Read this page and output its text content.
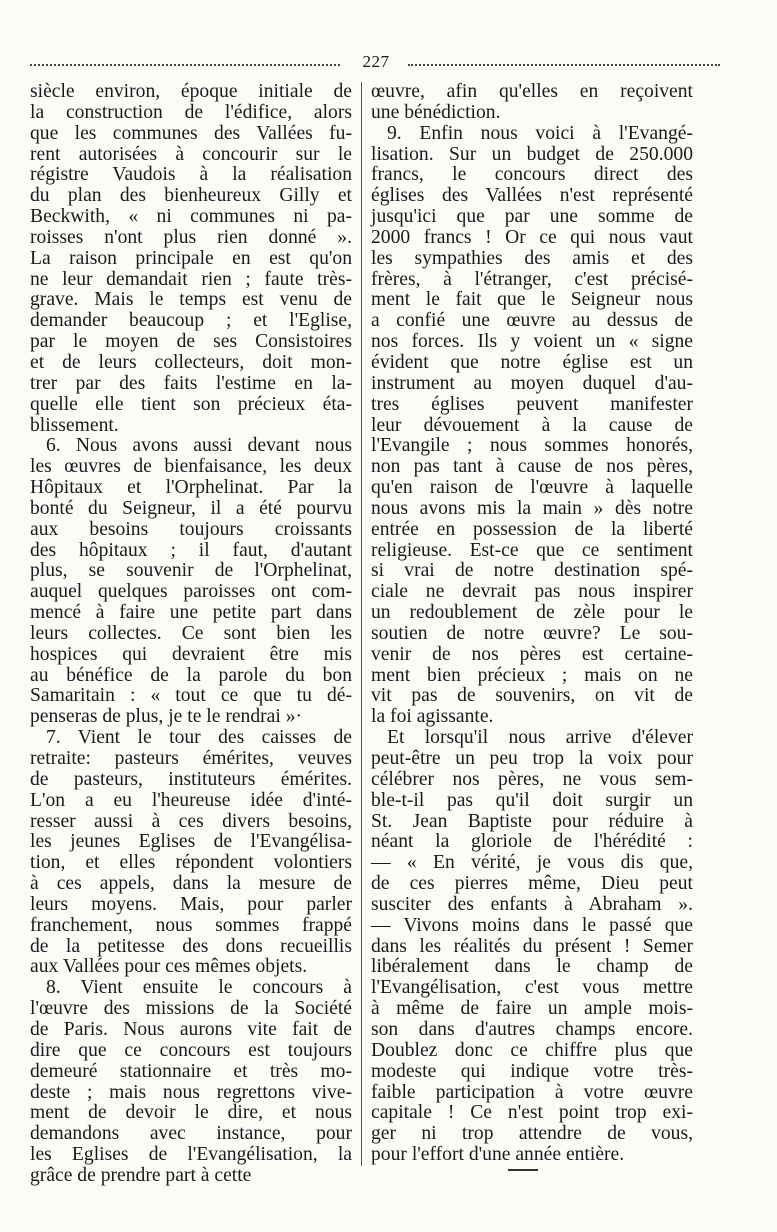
227
siècle environ, époque initiale de
la construction de l'édifice, alors
que les communes des Vallées fu-
rent autorisées à concourir sur le
régistre Vaudois à la réalisation
du plan des bienheureux Gilly et
Beckwith, « ni communes ni pa-
roisses n'ont plus rien donné ».
La raison principale en est qu'on
ne leur demandait rien ; faute très-
grave. Mais le temps est venu de
demander beaucoup ; et l'Eglise,
par le moyen de ses Consistoires
et de leurs collecteurs, doit mon-
trer par des faits l'estime en la-
quelle elle tient son précieux éta-
blissement.
6. Nous avons aussi devant nous
les œuvres de bienfaisance, les deux
Hôpitaux et l'Orphelinat. Par la
bonté du Seigneur, il a été pourvu
aux besoins toujours croissants
des hôpitaux ; il faut, d'autant
plus, se souvenir de l'Orphelinat,
auquel quelques paroisses ont com-
mencé à faire une petite part dans
leurs collectes. Ce sont bien les
hospices qui devraient être mis
au bénéfice de la parole du bon
Samaritain : « tout ce que tu dé-
penseras de plus, je te le rendrai »·
7. Vient le tour des caisses de
retraite: pasteurs émérites, veuves
de pasteurs, instituteurs émérites.
L'on a eu l'heureuse idée d'inté-
resser aussi à ces divers besoins,
les jeunes Eglises de l'Evangélisa-
tion, et elles répondent volontiers
à ces appels, dans la mesure de
leurs moyens. Mais, pour parler
franchement, nous sommes frappé
de la petitesse des dons recueillis
aux Vallées pour ces mêmes objets.
8. Vient ensuite le concours à
l'œuvre des missions de la Société
de Paris. Nous aurons vite fait de
dire que ce concours est toujours
demeuré stationnaire et très mo-
deste ; mais nous regrettons vive-
ment de devoir le dire, et nous
demandons avec instance, pour
les Eglises de l'Evangélisation, la
grâce de prendre part à cette
œuvre, afin qu'elles en reçoivent
une bénédiction.
9. Enfin nous voici à l'Evangé-
lisation. Sur un budget de 250.000
francs, le concours direct des
églises des Vallées n'est représenté
jusqu'ici que par une somme de
2000 francs ! Or ce qui nous vaut
les sympathies des amis et des
frères, à l'étranger, c'est précisé-
ment le fait que le Seigneur nous
a confié une œuvre au dessus de
nos forces. Ils y voient un « signe
évident que notre église est un
instrument au moyen duquel d'au-
tres églises peuvent manifester
leur dévouement à la cause de
l'Evangile ; nous sommes honorés,
non pas tant à cause de nos pères,
qu'en raison de l'œuvre à laquelle
nous avons mis la main » dès notre
entrée en possession de la liberté
religieuse. Est-ce que ce sentiment
si vrai de notre destination spé-
ciale ne devrait pas nous inspirer
un redoublement de zèle pour le
soutien de notre œuvre? Le sou-
venir de nos pères est certaine-
ment bien précieux ; mais on ne
vit pas de souvenirs, on vit de
la foi agissante.
Et lorsqu'il nous arrive d'élever
peut-être un peu trop la voix pour
célébrer nos pères, ne vous sem-
ble-t-il pas qu'il doit surgir un
St. Jean Baptiste pour réduire à
néant la gloriole de l'hérédité :
— « En vérité, je vous dis que,
de ces pierres même, Dieu peut
susciter des enfants à Abraham ».
— Vivons moins dans le passé que
dans les réalités du présent ! Semer
libéralement dans le champ de
l'Evangélisation, c'est vous mettre
à même de faire un ample mois-
son dans d'autres champs encore.
Doublez donc ce chiffre plus que
modeste qui indique votre très-
faible participation à votre œuvre
capitale ! Ce n'est point trop exi-
ger ni trop attendre de vous,
pour l'effort d'une année entière.
